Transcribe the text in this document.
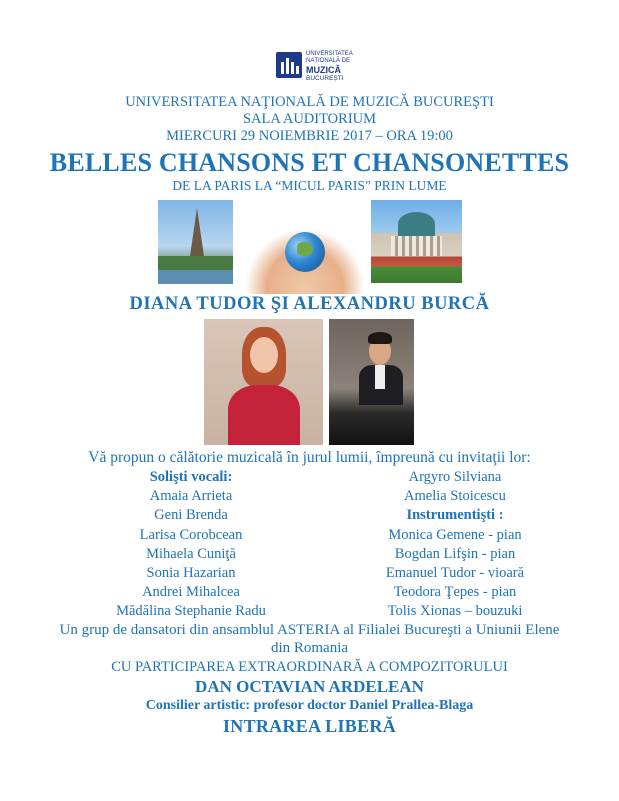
UNIVERSITATEA
NAȚIONALĂ DE
MUZICĂ
BUCUREȘTI
UNIVERSITATEA NAŢIONALĂ DE MUZICĂ BUCUREŞTI
SALA AUDITORIUM
MIERCURI 29 NOIEMBRIE 2017 – ORA 19:00
BELLES CHANSONS ET CHANSONETTES
DE LA PARIS LA “MICUL PARIS” PRIN LUME
DIANA TUDOR ŞI ALEXANDRU BURCĂ
Vă propun o călătorie muzicală în jurul lumii, împreună cu invitaţii lor:
Solişti vocali:
Amaia Arrieta
Geni Brenda
Larisa Corobcean
Mihaela Cuniţă
Sonia Hazarian
Andrei Mihalcea
Mădălina Stephanie Radu
Argyro Silviana
Amelia Stoicescu
Instrumentişti :
Monica Gemene - pian
Bogdan Lifşin - pian
Emanuel Tudor - vioară
Teodora Ţepes - pian
Tolis Xionas – bouzuki
Un grup de dansatori din ansamblul ASTERIA al Filialei Bucureşti a Uniunii Elene
din Romania
CU PARTICIPAREA EXTRAORDINARĂ A COMPOZITORULUI
DAN OCTAVIAN ARDELEAN
Consilier artistic: profesor doctor Daniel Prallea-Blaga
INTRAREA LIBERĂ
